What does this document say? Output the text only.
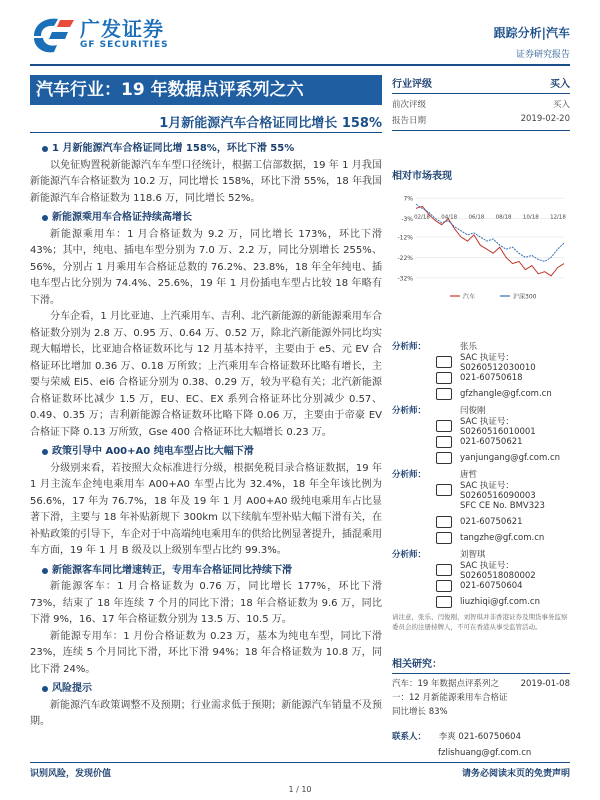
广发证券
GF SECURITIES
跟踪分析|汽车
证券研究报告
汽车行业：19 年数据点评系列之六
1月新能源汽车合格证同比增长 158%
1 月新能源汽车合格证同比增 158%，环比下滑 55%

以免征购置税新能源汽车车型口径统计，根据工信部数据，19 年 1 月我国新能源汽车合格证数为 10.2 万，同比增长 158%，环比下滑 55%，18 年我国新能源汽车合格证数为 118.6 万，同比增长 52%。

新能源乘用车合格证持续高增长

新能源乘用车：1 月合格证数为 9.2 万，同比增长 173%，环比下滑 43%；其中，纯电、插电车型分别为 7.0 万、2.2 万，同比分别增长 255%、56%，分别占 1 月乘用车合格证总数的 76.2%、23.8%，18 年全年纯电、插电车型占比分别为 74.4%、25.6%，19 年 1 月份插电车型占比较 18 年略有下滑。

分车企看，1 月比亚迪、上汽乘用车、吉利、北汽新能源的新能源乘用车合格证数分别为 2.8 万、0.95 万、0.64 万、0.52 万，除北汽新能源外同比均实现大幅增长，比亚迪合格证数环比与 12 月基本持平，主要由于 e5、元 EV 合格证环比增加 0.36 万、0.18 万所致；上汽乘用车合格证数环比略有增长，主要与荣威 Ei5、ei6 合格证分别为 0.38、0.29 万，较为平稳有关；北汽新能源合格证数环比减少 1.5 万，EU、EC、EX 系列合格证环比分别减少 0.57、0.49、0.35 万；吉利新能源合格证数环比略下降 0.06 万，主要由于帝豪 EV 合格证下降 0.13 万所致，Gse 400 合格证环比大幅增长 0.23 万。

政策引导中 A00+A0 纯电车型占比大幅下滑

分级别来看，若按照大众标准进行分级，根据免税目录合格证数据，19 年 1 月主流车企纯电乘用车 A00+A0 车型占比为 32.4%，18 年全年该比例为 56.6%，17 年为 76.7%，18 年及 19 年 1 月 A00+A0 级纯电乘用车占比显著下滑，主要与 18 年补贴新规下 300km 以下续航车型补贴大幅下滑有关，在补贴政策的引导下，车企对于中高端纯电乘用车的供给比例显著提升，插混乘用车方面，19 年 1 月 B 级及以上级别车型占比约 99.3%。

新能源客车同比增速转正，专用车合格证同比持续下滑

新能源客车：1 月合格证数为 0.76 万，同比增长 177%，环比下滑 73%，结束了 18 年连续 7 个月的同比下滑；18 年合格证数为 9.6 万，同比下滑 9%，16、17 年合格证数分别为 13.5 万、10.5 万。

新能源专用车：1 月份合格证数为 0.23 万，基本为纯电车型，同比下滑 23%，连续 5 个月同比下滑，环比下滑 94%；18 年合格证数为 10.8 万，同比下滑 24%。

风险提示

新能源汽车政策调整不及预期；行业需求低于预期；新能源汽车销量不及预期。

行业评级	买入
前次评级	买入
报告日期	2019-02-20
相对市场表现
7%
-3%
-12%
-22%
-32%
02/18 04/18 06/18 08/18 10/18 12/18
汽车	沪深300
分析师：	张乐
SAC 执证号：S0260512030010
021-60750618
gfzhangle@gf.com.cn
分析师：	闫俊刚
SAC 执证号：S0260516010001
021-60750621
yanjungang@gf.com.cn
分析师：	唐哲
SAC 执证号：S0260516090003
SFC CE No. BMV323
021-60750621
tangzhe@gf.com.cn
分析师：	刘智琪
SAC 执证号：S0260518080002
021-60750604
liuzhiqi@gf.com.cn
请注意，张乐、闫俊刚、刘智琪并非香港证券及期货事务监察委员会的注册持牌人，不可在香港从事受监管活动。
相关研究：
汽车：19 年数据点评系列之一：12 月新能源乘用车合格证同比增长 83%
2019-01-08
联系人： 李爽 021-60750604
fzlishuang@gf.com.cn
识别风险，发现价值	请务必阅读末页的免责声明
1 / 10
